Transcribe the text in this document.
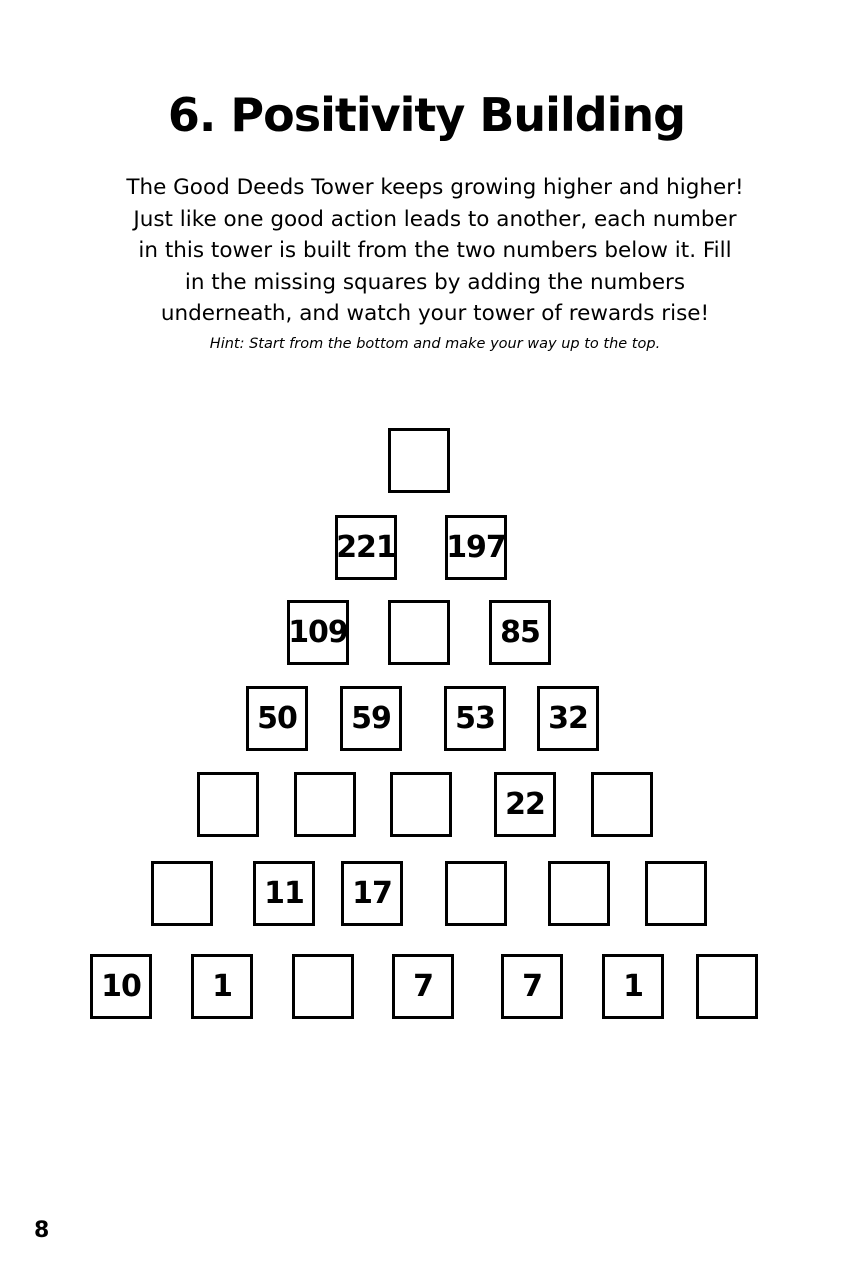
6. Positivity Building

The Good Deeds Tower keeps growing higher and higher!
Just like one good action leads to another, each number
in this tower is built from the two numbers below it. Fill
in the missing squares by adding the numbers
underneath, and watch your tower of rewards rise!

Hint: Start from the bottom and make your way up to the top.

221 197
109	85
50	59	53	32
22
11	17
10	1	7	7	1
8
